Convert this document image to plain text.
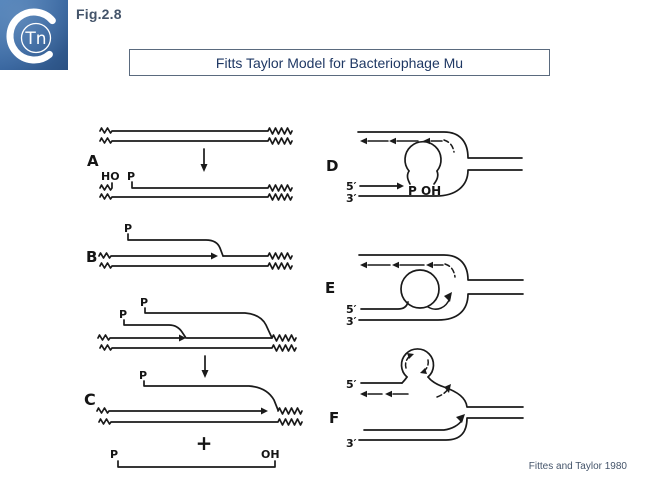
Tn
Fig.2.8
Fitts Taylor Model for Bacteriophage Mu
A
HO P
P
B
P
P
P
C
+
P	OH
D
P OH
5′
3′
E
5′
3′
F
5′
3′
Fittes and Taylor 1980
